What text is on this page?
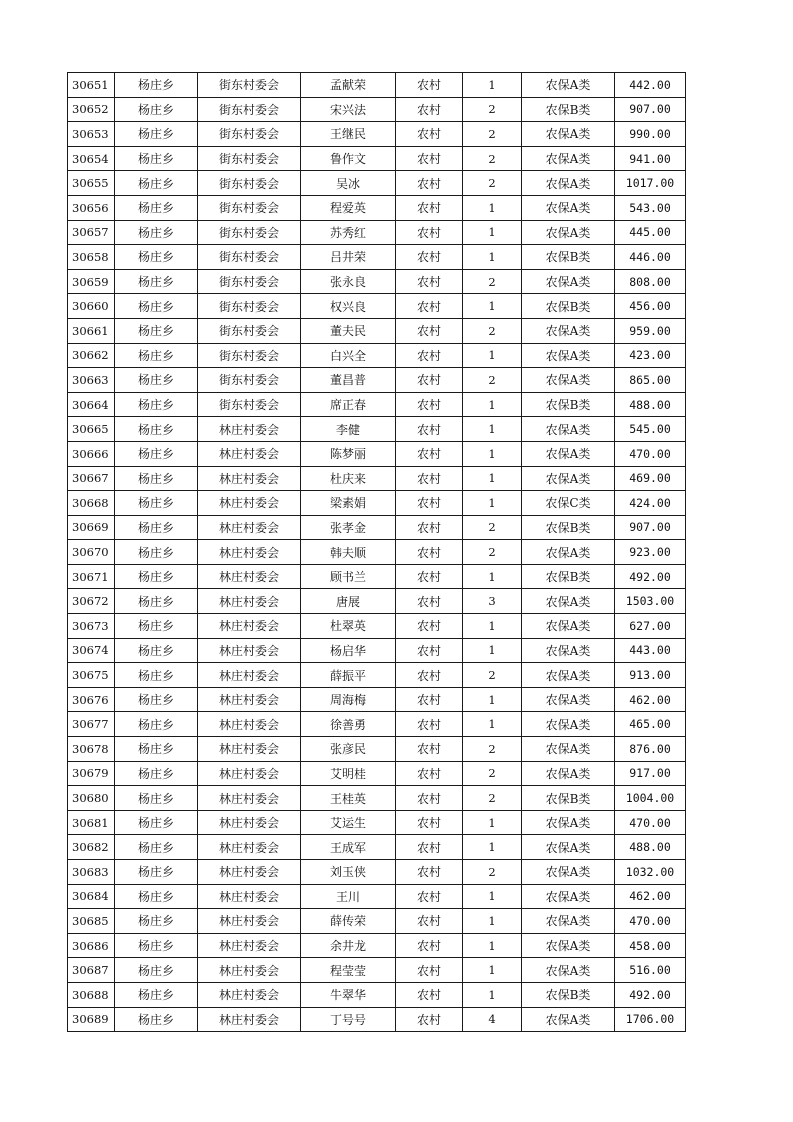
30651	杨庄乡	街东村委会	孟献荣	农村	1	农保A类	442.00
30652	杨庄乡	街东村委会	宋兴法	农村	2	农保B类	907.00
30653	杨庄乡	街东村委会	王继民	农村	2	农保A类	990.00
30654	杨庄乡	街东村委会	鲁作文	农村	2	农保A类	941.00
30655	杨庄乡	街东村委会	吴冰	农村	2	农保A类	1017.00
30656	杨庄乡	街东村委会	程爱英	农村	1	农保A类	543.00
30657	杨庄乡	街东村委会	苏秀红	农村	1	农保A类	445.00
30658	杨庄乡	街东村委会	吕井荣	农村	1	农保B类	446.00
30659	杨庄乡	街东村委会	张永良	农村	2	农保A类	808.00
30660	杨庄乡	街东村委会	权兴良	农村	1	农保B类	456.00
30661	杨庄乡	街东村委会	董夫民	农村	2	农保A类	959.00
30662	杨庄乡	街东村委会	白兴全	农村	1	农保A类	423.00
30663	杨庄乡	街东村委会	董昌普	农村	2	农保A类	865.00
30664	杨庄乡	街东村委会	席正春	农村	1	农保B类	488.00
30665	杨庄乡	林庄村委会	李健	农村	1	农保A类	545.00
30666	杨庄乡	林庄村委会	陈梦丽	农村	1	农保A类	470.00
30667	杨庄乡	林庄村委会	杜庆来	农村	1	农保A类	469.00
30668	杨庄乡	林庄村委会	梁素娟	农村	1	农保C类	424.00
30669	杨庄乡	林庄村委会	张孝金	农村	2	农保B类	907.00
30670	杨庄乡	林庄村委会	韩夫顺	农村	2	农保A类	923.00
30671	杨庄乡	林庄村委会	顾书兰	农村	1	农保B类	492.00
30672	杨庄乡	林庄村委会	唐展	农村	3	农保A类	1503.00
30673	杨庄乡	林庄村委会	杜翠英	农村	1	农保A类	627.00
30674	杨庄乡	林庄村委会	杨启华	农村	1	农保A类	443.00
30675	杨庄乡	林庄村委会	薛振平	农村	2	农保A类	913.00
30676	杨庄乡	林庄村委会	周海梅	农村	1	农保A类	462.00
30677	杨庄乡	林庄村委会	徐善勇	农村	1	农保A类	465.00
30678	杨庄乡	林庄村委会	张彦民	农村	2	农保A类	876.00
30679	杨庄乡	林庄村委会	艾明桂	农村	2	农保A类	917.00
30680	杨庄乡	林庄村委会	王桂英	农村	2	农保B类	1004.00
30681	杨庄乡	林庄村委会	艾运生	农村	1	农保A类	470.00
30682	杨庄乡	林庄村委会	王成军	农村	1	农保A类	488.00
30683	杨庄乡	林庄村委会	刘玉侠	农村	2	农保A类	1032.00
30684	杨庄乡	林庄村委会	王川	农村	1	农保A类	462.00
30685	杨庄乡	林庄村委会	薛传荣	农村	1	农保A类	470.00
30686	杨庄乡	林庄村委会	余井龙	农村	1	农保A类	458.00
30687	杨庄乡	林庄村委会	程莹莹	农村	1	农保A类	516.00
30688	杨庄乡	林庄村委会	牛翠华	农村	1	农保B类	492.00
30689	杨庄乡	林庄村委会	丁号号	农村	4	农保A类	1706.00
